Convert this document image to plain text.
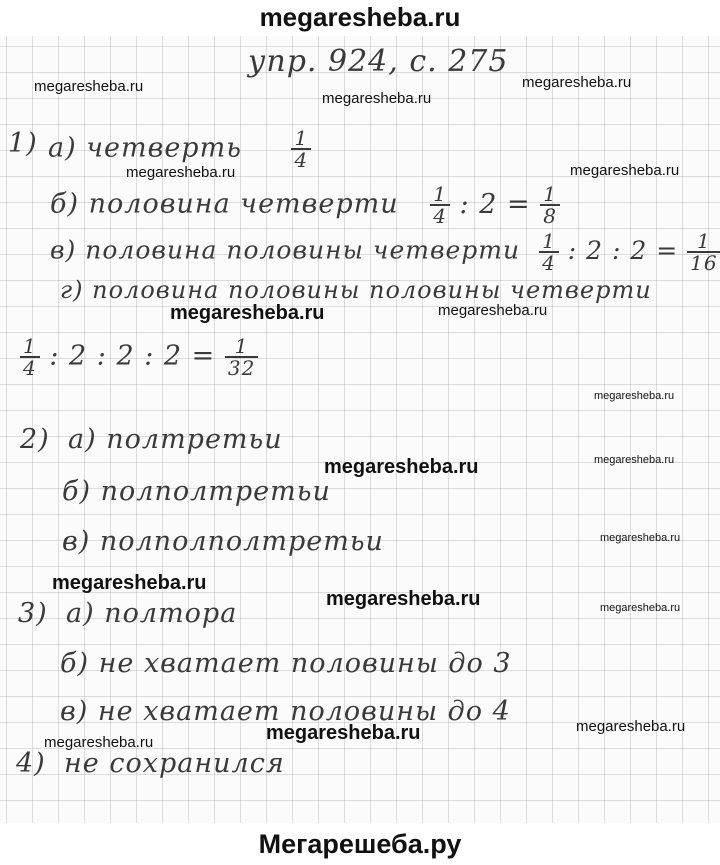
megaresheba.ru
упр. 924, с. 275
1) а) четверть $\frac{1}{4}$
б) половина четверти $\frac{1}{4}$ : $2 = \frac{1}{8}$
в) половина половины четверти $\frac{1}{4}$ : 2 : $2 = \frac{1}{16}$
г) половина половины половины четверти
$\frac{1}{4}$ : 2 : 2 : $2 = \frac{1}{32}$
2) а) полтретьи
б) полполтретьи
в) полполполтретьи
3) а) полтора
б) не хватает половины до 3
в) не хватает половины до 4
4) не сохранился
megaresheba.ru
megaresheba.ru
megaresheba.ru
megaresheba.ru	megaresheba.ru
megaresheba.ru	megaresheba.ru
megaresheba.ru
megaresheba.ru	megaresheba.ru
megaresheba.ru
megaresheba.ru
megaresheba.ru	megaresheba.ru
megaresheba.ru
megaresheba.ru	megaresheba.ru
Мегарешеба.ру
